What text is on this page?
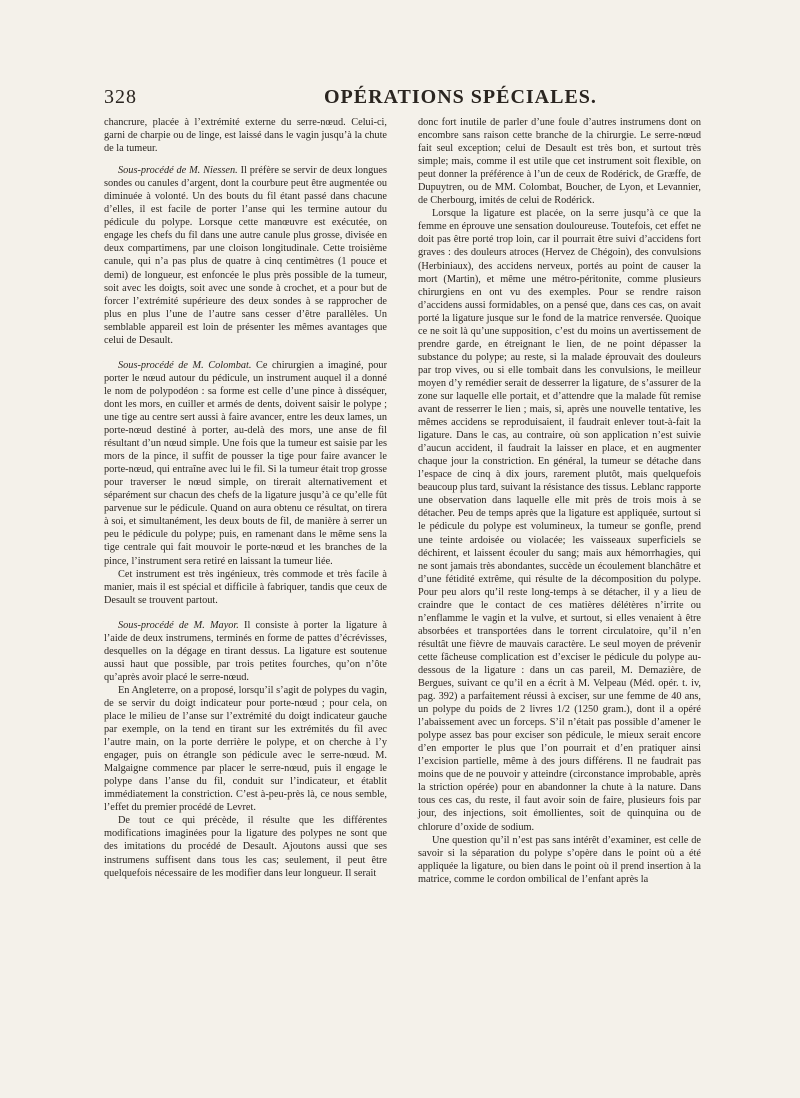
328	OPÉRATIONS SPÉCIALES.

chancrure, placée à l’extrémité externe du serre-nœud. Celui-ci, garni de charpie ou de linge, est laissé dans le vagin jusqu’à la chute de la tumeur.

Sous-procédé de M. Niessen. Il préfère se servir de deux longues sondes ou canules d’argent, dont la courbure peut être augmentée ou diminuée à volonté. Un des bouts du fil étant passé dans chacune d’elles, il est facile de porter l’anse qui les termine autour du pédicule du polype. Lorsque cette manœuvre est exécutée, on engage les chefs du fil dans une autre canule plus grosse, divisée en deux compartimens, par une cloison longitudinale. Cette troisième canule, qui n’a pas plus de quatre à cinq centimètres (1 pouce et demi) de longueur, est enfoncée le plus près possible de la tumeur, soit avec les doigts, soit avec une sonde à crochet, et a pour but de forcer l’extrémité supérieure des deux sondes à se rapprocher de plus en plus l’une de l’autre sans cesser d’être parallèles. Un semblable appareil est loin de présenter les mêmes avantages que celui de Desault.

Sous-procédé de M. Colombat. Ce chirurgien a imaginé, pour porter le nœud autour du pédicule, un instrument auquel il a donné le nom de polypodéon : sa forme est celle d’une pince à disséquer, dont les mors, en cuiller et armés de dents, doivent saisir le polype ; une tige au centre sert aussi à faire avancer, entre les deux lames, un porte-nœud destiné à porter, au-delà des mors, une anse de fil résultant d’un nœud simple. Une fois que la tumeur est saisie par les mors de la pince, il suffit de pousser la tige pour faire avancer le porte-nœud, qui entraîne avec lui le fil. Si la tumeur était trop grosse pour traverser le nœud simple, on tirerait alternativement et séparément sur chacun des chefs de la ligature jusqu’à ce qu’elle fût parvenue sur le pédicule. Quand on aura obtenu ce résultat, on tirera à soi, et simultanément, les deux bouts de fil, de manière à serrer un peu le pédicule du polype; puis, en ramenant dans le même sens la tige centrale qui fait mouvoir le porte-nœud et les branches de la pince, l’instrument sera retiré en laissant la tumeur liée.

Cet instrument est très ingénieux, très commode et très facile à manier, mais il est spécial et difficile à fabriquer, tandis que ceux de Desault se trouvent partout.

Sous-procédé de M. Mayor. Il consiste à porter la ligature à l’aide de deux instrumens, terminés en forme de pattes d’écrévisses, desquelles on la dégage en tirant dessus. La ligature est soutenue aussi haut que possible, par trois petites fourches, qu’on n’ôte qu’après avoir placé le serre-nœud.

En Angleterre, on a proposé, lorsqu’il s’agit de polypes du vagin, de se servir du doigt indicateur pour porte-nœud ; pour cela, on place le milieu de l’anse sur l’extrémité du doigt indicateur gauche par exemple, on la tend en tirant sur les extrémités du fil avec l’autre main, on la porte derrière le polype, et on cherche à l’y engager, puis on étrangle son pédicule avec le serre-nœud. M. Malgaigne commence par placer le serre-nœud, puis il engage le polype dans l’anse du fil, conduit sur l’indicateur, et établit immédiatement la constriction. C’est à-peu-près là, ce nous semble, l’effet du premier procédé de Levret.

De tout ce qui précède, il résulte que les différentes modifications imaginées pour la ligature des polypes ne sont que des imitations du procédé de Desault. Ajoutons aussi que ses instrumens suffisent dans tous les cas; seulement, il peut être quelquefois nécessaire de les modifier dans leur longueur. Il serait

donc fort inutile de parler d’une foule d’autres instrumens dont on encombre sans raison cette branche de la chirurgie. Le serre-nœud fait seul exception; celui de Desault est très bon, et surtout très simple; mais, comme il est utile que cet instrument soit flexible, on peut donner la préférence à l’un de ceux de Rodérick, de Græffe, de Dupuytren, ou de MM. Colombat, Boucher, de Lyon, et Levannier, de Cherbourg, imités de celui de Rodérick.

Lorsque la ligature est placée, on la serre jusqu’à ce que la femme en éprouve une sensation douloureuse. Toutefois, cet effet ne doit pas être porté trop loin, car il pourrait être suivi d’accidens fort graves : des douleurs atroces (Hervez de Chégoin), des convulsions (Herbiniaux), des accidens nerveux, portés au point de causer la mort (Martin), et même une métro-péritonite, comme plusieurs chirurgiens en ont vu des exemples. Pour se rendre raison d’accidens aussi formidables, on a pensé que, dans ces cas, on avait porté la ligature jusque sur le fond de la matrice renversée. Quoique ce ne soit là qu’une supposition, c’est du moins un avertissement de prendre garde, en étreignant le lien, de ne point dépasser la substance du polype; au reste, si la malade éprouvait des douleurs par trop vives, ou si elle tombait dans les convulsions, le meilleur moyen d’y remédier serait de desserrer la ligature, de s’assurer de la zone sur laquelle elle portait, et d’attendre que la malade fût remise avant de resserrer le lien ; mais, si, après une nouvelle tentative, les mêmes accidens se reproduisaient, il faudrait enlever tout-à-fait la ligature. Dans le cas, au contraire, où son application n’est suivie d’aucun accident, il faudrait la laisser en place, et en augmenter chaque jour la constriction. En général, la tumeur se détache dans l’espace de cinq à dix jours, rarement plutôt, mais quelquefois beaucoup plus tard, suivant la résistance des tissus. Leblanc rapporte une observation dans laquelle elle mit près de trois mois à se détacher. Peu de temps après que la ligature est appliquée, surtout si le pédicule du polype est volumineux, la tumeur se gonfle, prend une teinte ardoisée ou violacée; les vaisseaux superficiels se déchirent, et laissent écouler du sang; mais aux hémorrhagies, qui ne sont jamais très abondantes, succède un écoulement blanchâtre et d’une fétidité extrême, qui résulte de la décomposition du polype. Pour peu alors qu’il reste long-temps à se détacher, il y a lieu de craindre que le contact de ces matières délétères n’irrite ou n’enflamme le vagin et la vulve, et surtout, si elles venaient à être absorbées et transportées dans le torrent circulatoire, qu’il n’en résultât une fièvre de mauvais caractère. Le seul moyen de prévenir cette fâcheuse complication est d’exciser le pédicule du polype au-dessous de la ligature : dans un cas pareil, M. Demazière, de Bergues, suivant ce qu’il en a écrit à M. Velpeau (Méd. opér. t. iv, pag. 392) a parfaitement réussi à exciser, sur une femme de 40 ans, un polype du poids de 2 livres 1/2 (1250 gram.), dont il a opéré l’abaissement avec un forceps. S’il n’était pas possible d’amener le polype assez bas pour exciser son pédicule, le mieux serait encore d’en emporter le plus que l’on pourrait et d’en pratiquer ainsi l’excision partielle, même à des jours différens. Il ne faudrait pas moins que de ne pouvoir y atteindre (circonstance improbable, après la striction opérée) pour en abandonner la chute à la nature. Dans tous ces cas, du reste, il faut avoir soin de faire, plusieurs fois par jour, des injections, soit émollientes, soit de quinquina ou de chlorure d’oxide de sodium.

Une question qu’il n’est pas sans intérêt d’examiner, est celle de savoir si la séparation du polype s’opère dans le point où a été appliquée la ligature, ou bien dans le point où il prend insertion à la matrice, comme le cordon ombilical de l’enfant après la
